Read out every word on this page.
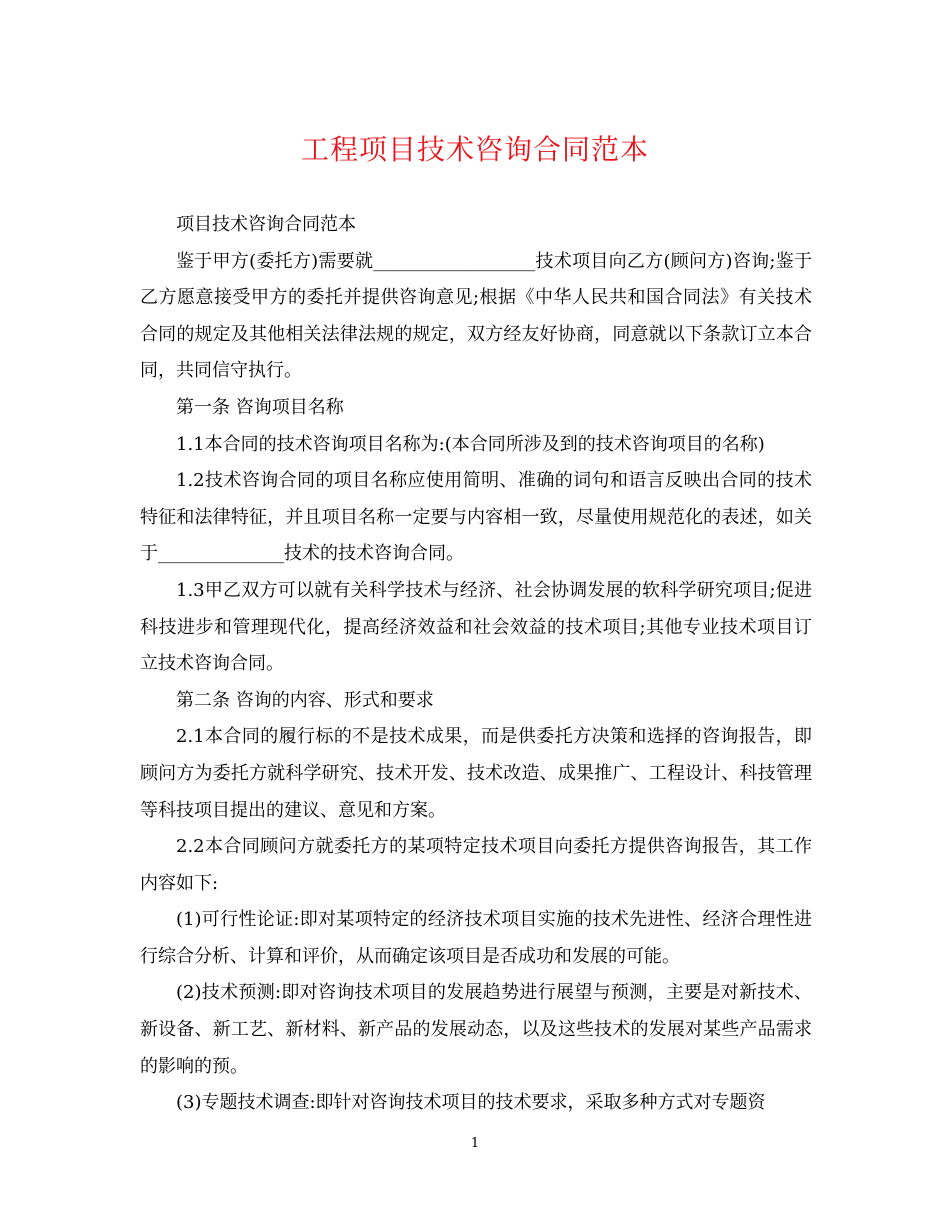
工程项目技术咨询合同范本

项目技术咨询合同范本

鉴于甲方(委托方)需要就__________________技术项目向乙方(顾问方)咨询;鉴于乙方愿意接受甲方的委托并提供咨询意见;根据《中华人民共和国合同法》有关技术合同的规定及其他相关法律法规的规定，双方经友好协商，同意就以下条款订立本合同，共同信守执行。

第一条 咨询项目名称

1.1本合同的技术咨询项目名称为:(本合同所涉及到的技术咨询项目的名称)

1.2技术咨询合同的项目名称应使用简明、准确的词句和语言反映出合同的技术特征和法律特征，并且项目名称一定要与内容相一致，尽量使用规范化的表述，如关于______________技术的技术咨询合同。

1.3甲乙双方可以就有关科学技术与经济、社会协调发展的软科学研究项目;促进科技进步和管理现代化，提高经济效益和社会效益的技术项目;其他专业技术项目订立技术咨询合同。

第二条 咨询的内容、形式和要求

2.1本合同的履行标的不是技术成果，而是供委托方决策和选择的咨询报告，即顾问方为委托方就科学研究、技术开发、技术改造、成果推广、工程设计、科技管理等科技项目提出的建议、意见和方案。

2.2本合同顾问方就委托方的某项特定技术项目向委托方提供咨询报告，其工作内容如下:

(1)可行性论证:即对某项特定的经济技术项目实施的技术先进性、经济合理性进行综合分析、计算和评价，从而确定该项目是否成功和发展的可能。

(2)技术预测:即对咨询技术项目的发展趋势进行展望与预测，主要是对新技术、新设备、新工艺、新材料、新产品的发展动态，以及这些技术的发展对某些产品需求的影响的预。

(3)专题技术调查:即针对咨询技术项目的技术要求，采取多种方式对专题资

1
